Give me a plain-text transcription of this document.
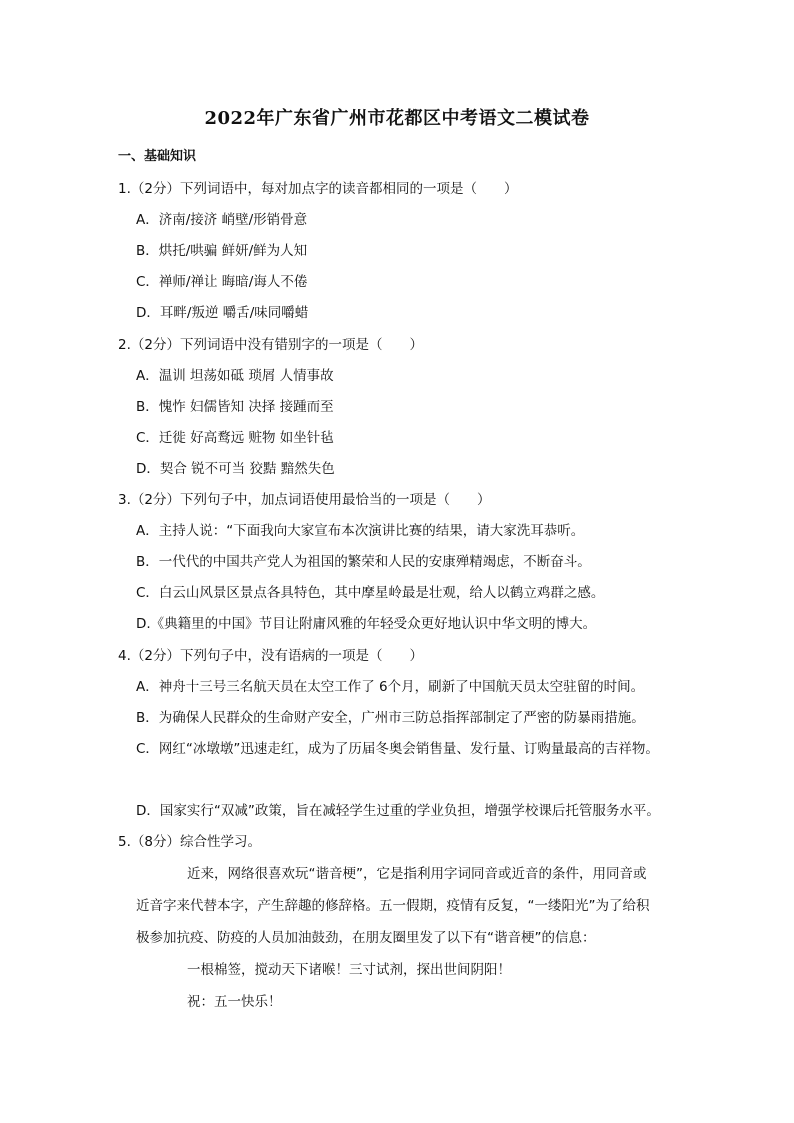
2022年广东省广州市花都区中考语文二模试卷
一、基础知识
1.（2分）下列词语中，每对加点字的读音都相同的一项是（　　）
A．济南/接济 峭壁/形销骨意
B．烘托/哄骗 鲜妍/鲜为人知
C．禅师/禅让 晦暗/诲人不倦
D．耳畔/叛逆 嚼舌/味同嚼蜡
2.（2分）下列词语中没有错别字的一项是（　　）
A．温训 坦荡如砥 琐屑 人情事故
B．愧怍 妇儒皆知 决择 接踵而至
C．迁徙 好高鹜远 赃物 如坐针毡
D．契合 锐不可当 狡黠 黯然失色
3.（2分）下列句子中，加点词语使用最恰当的一项是（　　）
A．主持人说：“下面我向大家宣布本次演讲比赛的结果，请大家洗耳恭听。
B．一代代的中国共产党人为祖国的繁荣和人民的安康殚精竭虑，不断奋斗。
C．白云山风景区景点各具特色，其中摩星岭最是壮观，给人以鹤立鸡群之感。
D.《典籍里的中国》节目让附庸风雅的年轻受众更好地认识中华文明的博大。
4.（2分）下列句子中，没有语病的一项是（　　）
A．神舟十三号三名航天员在太空工作了 6个月，刷新了中国航天员太空驻留的时间。
B．为确保人民群众的生命财产安全，广州市三防总指挥部制定了严密的防暴雨措施。
C．网红“冰墩墩”迅速走红，成为了历届冬奥会销售量、发行量、订购量最高的吉祥物。
D．国家实行“双减”政策，旨在减轻学生过重的学业负担，增强学校课后托管服务水平。
5.（8分）综合性学习。
近来，网络很喜欢玩“谐音梗”，它是指利用字词同音或近音的条件，用同音或
近音字来代替本字，产生辞趣的修辞格。五一假期，疫情有反复，“一缕阳光”为了给积
极参加抗疫、防疫的人员加油鼓劲，在朋友圈里发了以下有“谐音梗”的信息：
一根棉签，搅动天下诸喉！三寸试剂，探出世间阴阳！
祝：五一快乐！
